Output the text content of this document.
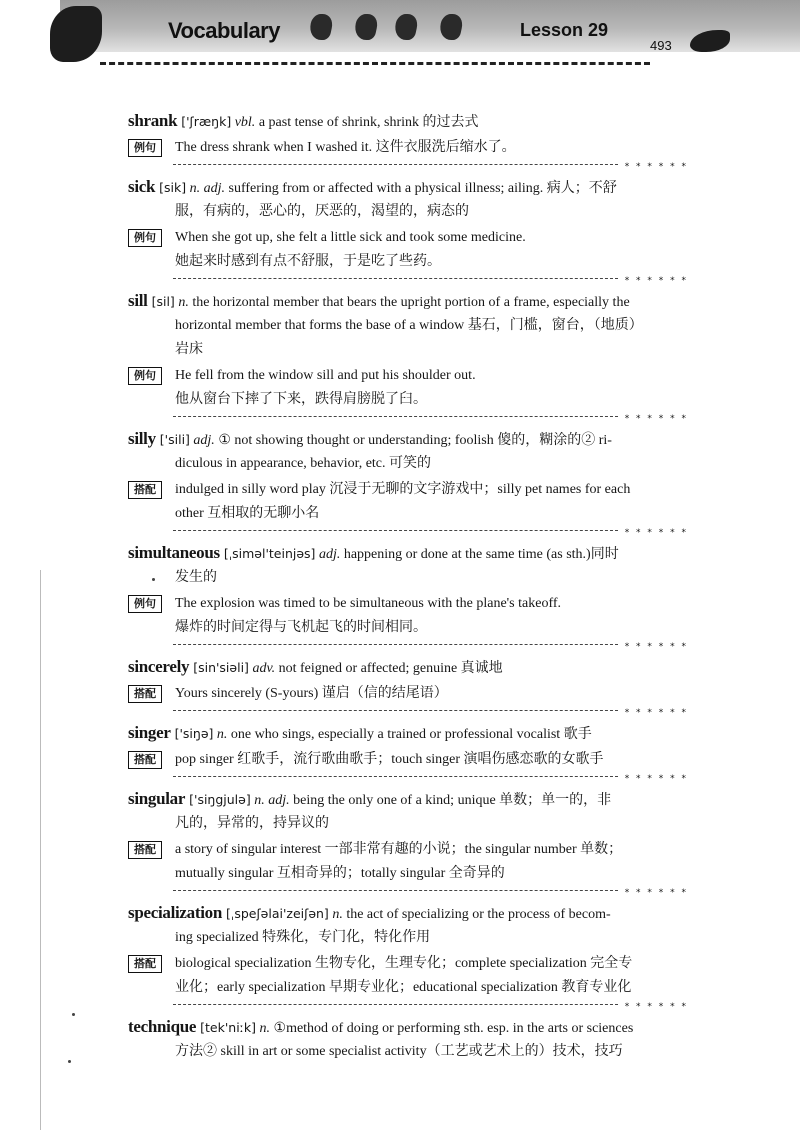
Vocabulary	Lesson 29
493
shrank ['ʃræŋk] vbl. a past tense of shrink, shrink 的过去式
例句	The dress shrank when I washed it. 这件衣服洗后缩水了。
* * * * * *
sick [sik] n. adj. suffering from or affected with a physical illness; ailing. 病人；不舒
服，有病的，恶心的，厌恶的，渴望的，病态的
例句	When she got up, she felt a little sick and took some medicine.
她起来时感到有点不舒服，于是吃了些药。
* * * * * *
sill [sil] n. the horizontal member that bears the upright portion of a frame, especially the
horizontal member that forms the base of a window 基石，门槛，窗台，（地质）
岩床
例句	He fell from the window sill and put his shoulder out.
他从窗台下摔了下来，跌得肩膀脱了臼。
* * * * * *
silly ['sili] adj. ① not showing thought or understanding; foolish 傻的，糊涂的② ri-
diculous in appearance, behavior, etc. 可笑的
搭配	indulged in silly word play 沉浸于无聊的文字游戏中；silly pet names for each
other 互相取的无聊小名
* * * * * *
simultaneous [ˌsiməl'teinjəs] adj. happening or done at the same time (as sth.)同时
发生的
例句	The explosion was timed to be simultaneous with the plane's takeoff.
爆炸的时间定得与飞机起飞的时间相同。
* * * * * *
sincerely [sin'siəli] adv. not feigned or affected; genuine 真诚地
搭配	Yours sincerely (S-yours) 谨启（信的结尾语）
* * * * * *
singer ['siŋə] n. one who sings, especially a trained or professional vocalist 歌手
搭配	pop singer 红歌手，流行歌曲歌手；touch singer 演唱伤感恋歌的女歌手
* * * * * *
singular ['siŋgjulə] n. adj. being the only one of a kind; unique 单数；单一的，非
凡的，异常的，持异议的
搭配	a story of singular interest 一部非常有趣的小说；the singular number 单数；
mutually singular 互相奇异的；totally singular 全奇异的
* * * * * *
specialization [ˌspeʃəlai'zeiʃən] n. the act of specializing or the process of becom-
ing specialized 特殊化，专门化，特化作用
搭配	biological specialization 生物专化，生理专化；complete specialization 完全专
业化；early specialization 早期专业化；educational specialization 教育专业化
* * * * * *
technique [tek'niːk] n. ①method of doing or performing sth. esp. in the arts or sciences
方法② skill in art or some specialist activity（工艺或艺术上的）技术，技巧
